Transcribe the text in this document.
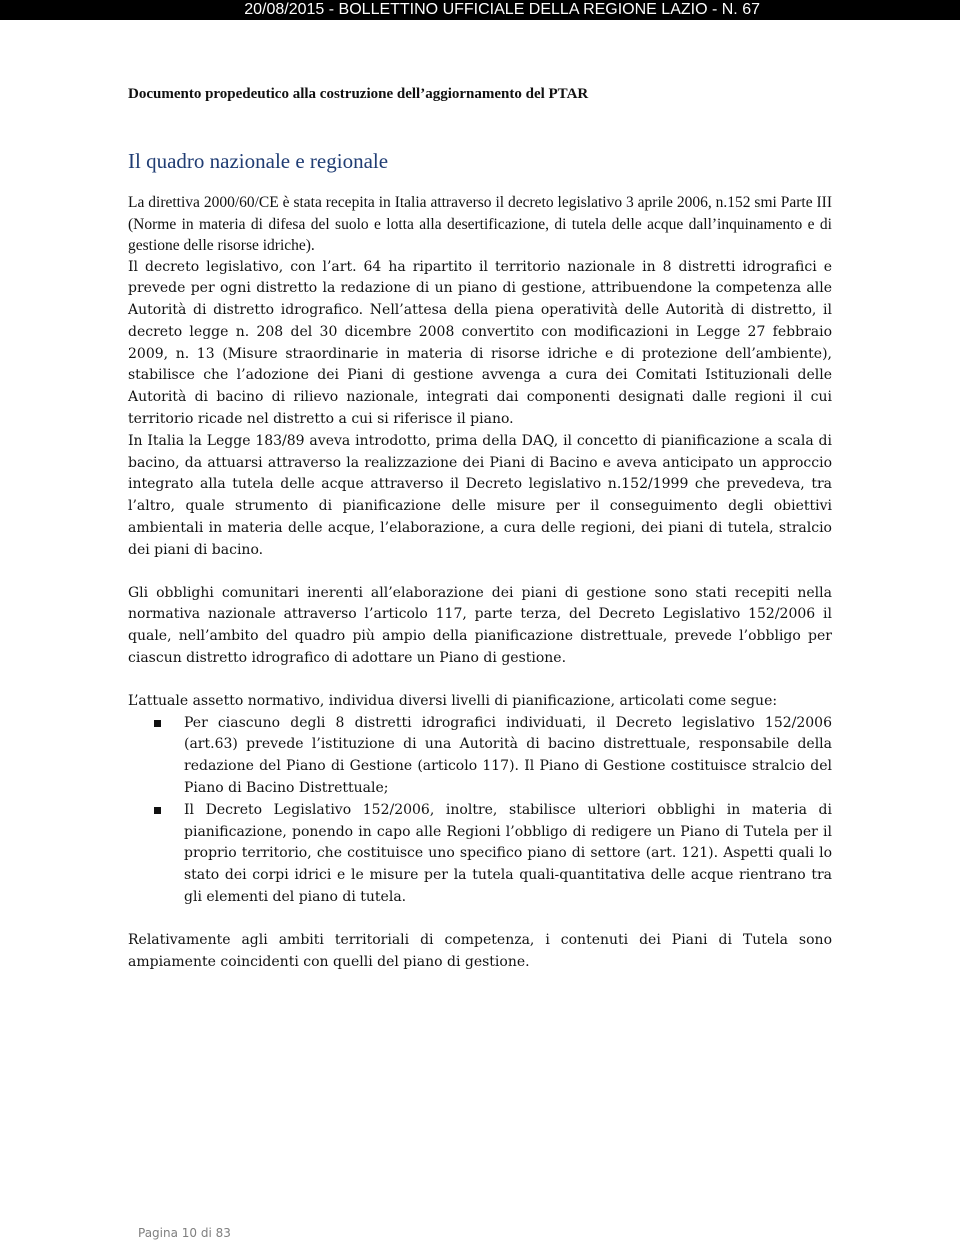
20/08/2015 - BOLLETTINO UFFICIALE DELLA REGIONE LAZIO - N. 67
Documento propedeutico alla costruzione dell’aggiornamento del PTAR
Il quadro nazionale e regionale

La direttiva 2000/60/CE è stata recepita in Italia attraverso il decreto legislativo 3 aprile 2006, n.152 smi Parte III (Norme in materia di difesa del suolo e lotta alla desertificazione, di tutela delle acque dall’inquinamento e di gestione delle risorse idriche).

Il decreto legislativo, con l’art. 64 ha ripartito il territorio nazionale in 8 distretti idrografici e prevede per ogni distretto la redazione di un piano di gestione, attribuendone la competenza alle Autorità di distretto idrografico. Nell’attesa della piena operatività delle Autorità di distretto, il decreto legge n. 208 del 30 dicembre 2008 convertito con modificazioni in Legge 27 febbraio 2009, n. 13 (Misure straordinarie in materia di risorse idriche e di protezione dell’ambiente), stabilisce che l’adozione dei Piani di gestione avvenga a cura dei Comitati Istituzionali delle Autorità di bacino di rilievo nazionale, integrati dai componenti designati dalle regioni il cui territorio ricade nel distretto a cui si riferisce il piano.

In Italia la Legge 183/89 aveva introdotto, prima della DAQ, il concetto di pianificazione a scala di bacino, da attuarsi attraverso la realizzazione dei Piani di Bacino e aveva anticipato un approccio integrato alla tutela delle acque attraverso il Decreto legislativo n.152/1999 che prevedeva, tra l’altro, quale strumento di pianificazione delle misure per il conseguimento degli obiettivi ambientali in materia delle acque, l’elaborazione, a cura delle regioni, dei piani di tutela, stralcio dei piani di bacino.

Gli obblighi comunitari inerenti all’elaborazione dei piani di gestione sono stati recepiti nella normativa nazionale attraverso l’articolo 117, parte terza, del Decreto Legislativo 152/2006 il quale, nell’ambito del quadro più ampio della pianificazione distrettuale, prevede l’obbligo per ciascun distretto idrografico di adottare un Piano di gestione.

L’attuale assetto normativo, individua diversi livelli di pianificazione, articolati come segue:

Per ciascuno degli 8 distretti idrografici individuati, il Decreto legislativo 152/2006 (art.63) prevede l’istituzione di una Autorità di bacino distrettuale, responsabile della redazione del Piano di Gestione (articolo 117). Il Piano di Gestione costituisce stralcio del Piano di Bacino Distrettuale;
Il Decreto Legislativo 152/2006, inoltre, stabilisce ulteriori obblighi in materia di pianificazione, ponendo in capo alle Regioni l’obbligo di redigere un Piano di Tutela per il proprio territorio, che costituisce uno specifico piano di settore (art. 121). Aspetti quali lo stato dei corpi idrici e le misure per la tutela quali-quantitativa delle acque rientrano tra gli elementi del piano di tutela.

Relativamente agli ambiti territoriali di competenza, i contenuti dei Piani di Tutela sono ampiamente coincidenti con quelli del piano di gestione.

Pagina 10 di 83
